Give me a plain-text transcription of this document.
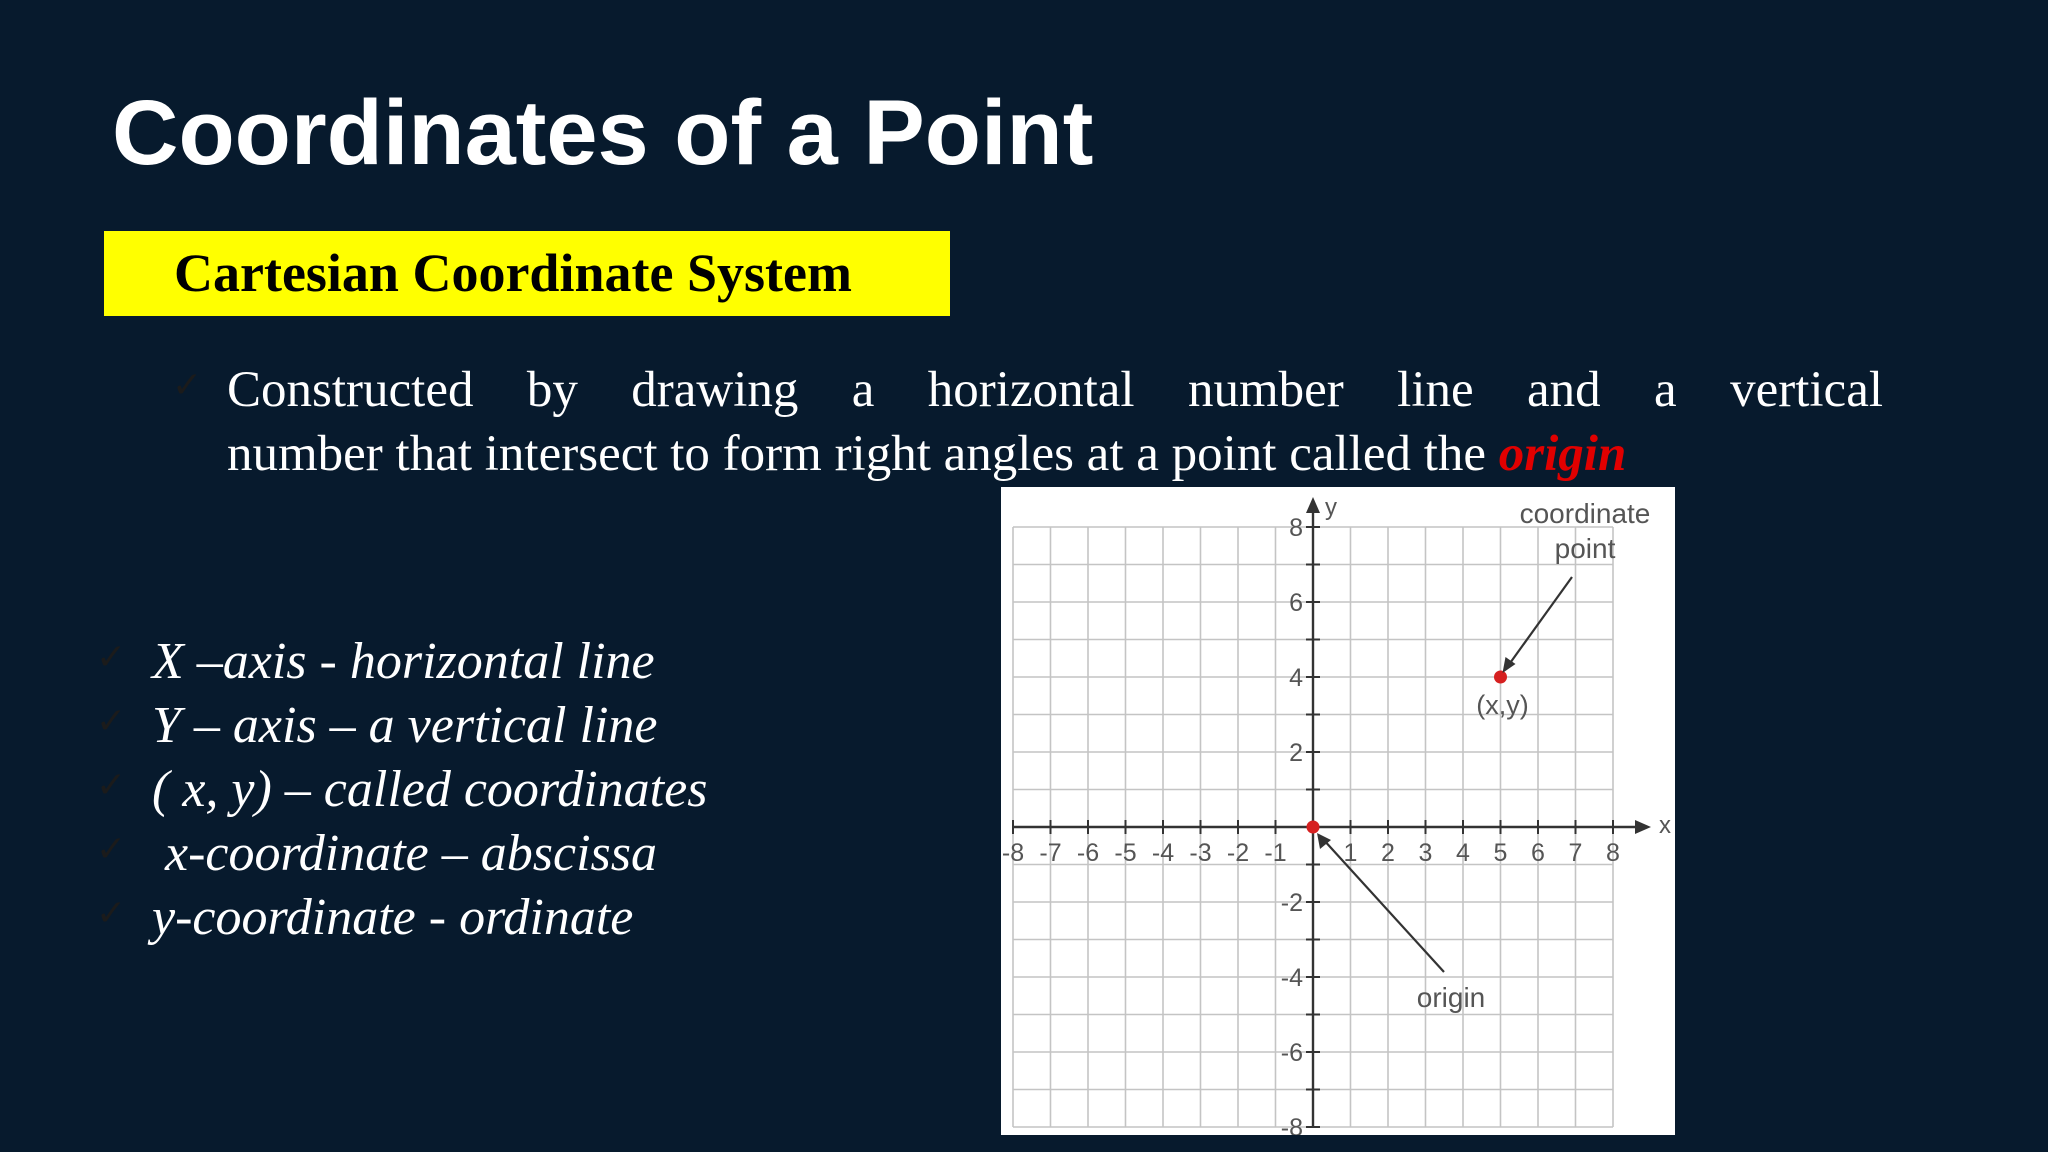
Coordinates of a Point
Cartesian Coordinate System
✓ Constructed by drawing a horizontal number line and a vertical
number that intersect to form right angles at a point called the origin
✓ X –axis - horizontal line
✓ Y – axis – a vertical line
✓ ( x, y) – called coordinates
✓ x-coordinate – abscissa
✓ y-coordinate - ordinate
-8 -7 -6 -5 -4 -3 -2 -1 1 2 3 4 5 6 7 8
8
6
4
2
-2
-4
-6
-8
x
y	coordinate
point
(x,y)
origin
